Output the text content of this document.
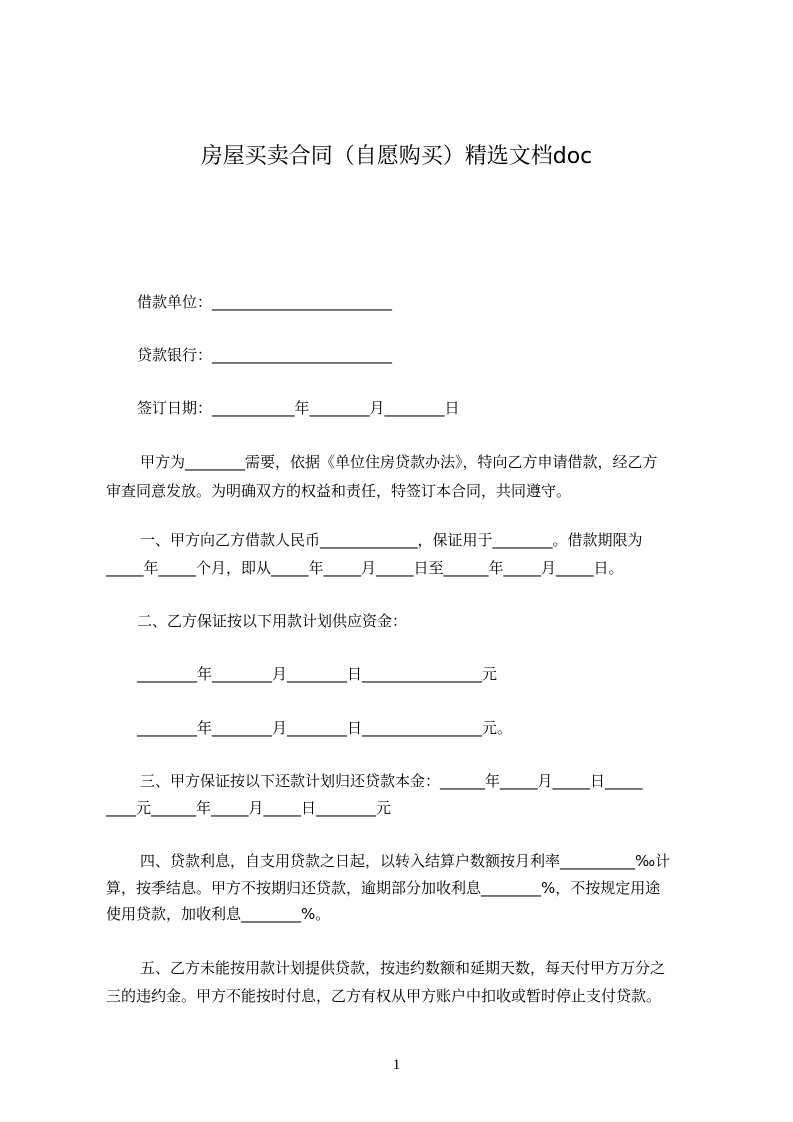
房屋买卖合同（自愿购买）精选文档doc
借款单位：________________________
贷款银行：________________________
签订日期：___________年________月________日
甲方为________需要，依据《单位住房贷款办法》，特向乙方申请借款，经乙方
审查同意发放。为明确双方的权益和责任，特签订本合同，共同遵守。
一、甲方向乙方借款人民币_____________，保证用于________。借款期限为
_____年_____个月，即从_____年_____月_____日至______年_____月_____日。
二、乙方保证按以下用款计划供应资金：
________年________月________日________________元
________年________月________日________________元。
三、甲方保证按以下还款计划归还贷款本金：______年_____月_____日_____
____元______年_____月_____日________元
四、贷款利息，自支用贷款之日起，以转入结算户数额按月利率__________‰计
算，按季结息。甲方不按期归还贷款，逾期部分加收利息________%，不按规定用途
使用贷款，加收利息________%。
五、乙方未能按用款计划提供贷款，按违约数额和延期天数，每天付甲方万分之
三的违约金。甲方不能按时付息，乙方有权从甲方账户中扣收或暂时停止支付贷款。
1
